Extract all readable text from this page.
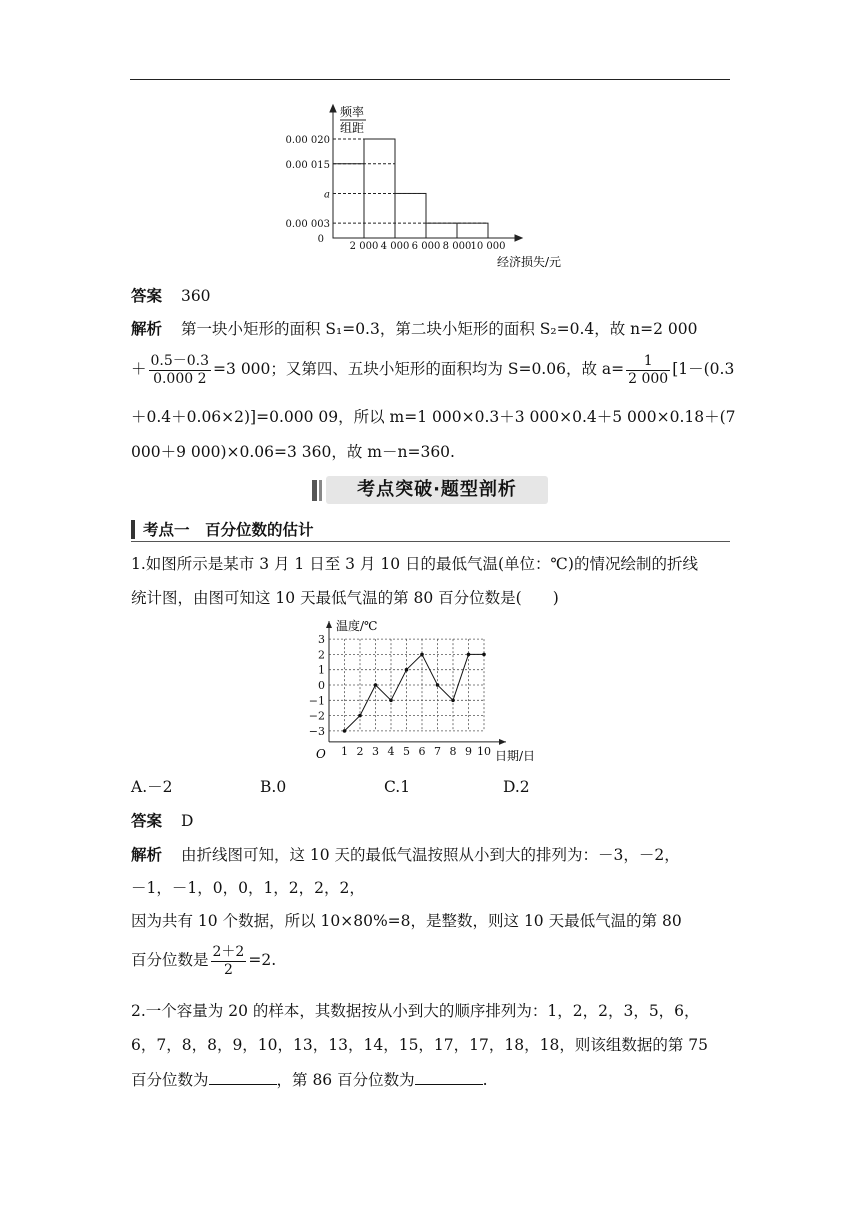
0.00 020
0.00 015
a
0.00 003
0
2 000 4 000 6 000 8 000 10 000
频率
组距
经济损失/元
答案 360
解析 第一块小矩形的面积 S₁=0.3，第二块小矩形的面积 S₂=0.4，故 n=2 000
＋ $\frac{0.5-0.3}{0.000 2} =3$ 000；又第四、五块小矩形的面积均为 S=0.06，故 $a= \frac{1}{2 000} [1-(0.3$
＋0.4＋0.06×2)]=0.000 09，所以 m=1 000×0.3＋3 000×0.4＋5 000×0.18＋(7
000＋9 000)×0.06=3 360，故 m－n=360.
考点突破·题型剖析
考点一　百分位数的估计
1.如图所示是某市 3 月 1 日至 3 月 10 日的最低气温(单位：℃)的情况绘制的折线
统计图，由图可知这 10 天最低气温的第 80 百分位数是(　　)
−3
−2
−1
0
1
2
3
1 2 3 4 5 6 7 8 9 10
温度/℃
日期/日
O
A.－2	B.0	C.1	D.2
答案 D
解析 由折线图可知，这 10 天的最低气温按照从小到大的排列为：－3，－2，
－1，－1，0，0，1，2，2，2，
因为共有 10 个数据，所以 10×80%=8，是整数，则这 10 天最低气温的第 80
百分位数是 $\frac{2+2}{2} =2$.
2.一个容量为 20 的样本，其数据按从小到大的顺序排列为：1，2，2，3，5，6，
6，7，8，8，9，10，13，13，14，15，17，17，18，18，则该组数据的第 75
百分位数为	，第 86 百分位数为	.
